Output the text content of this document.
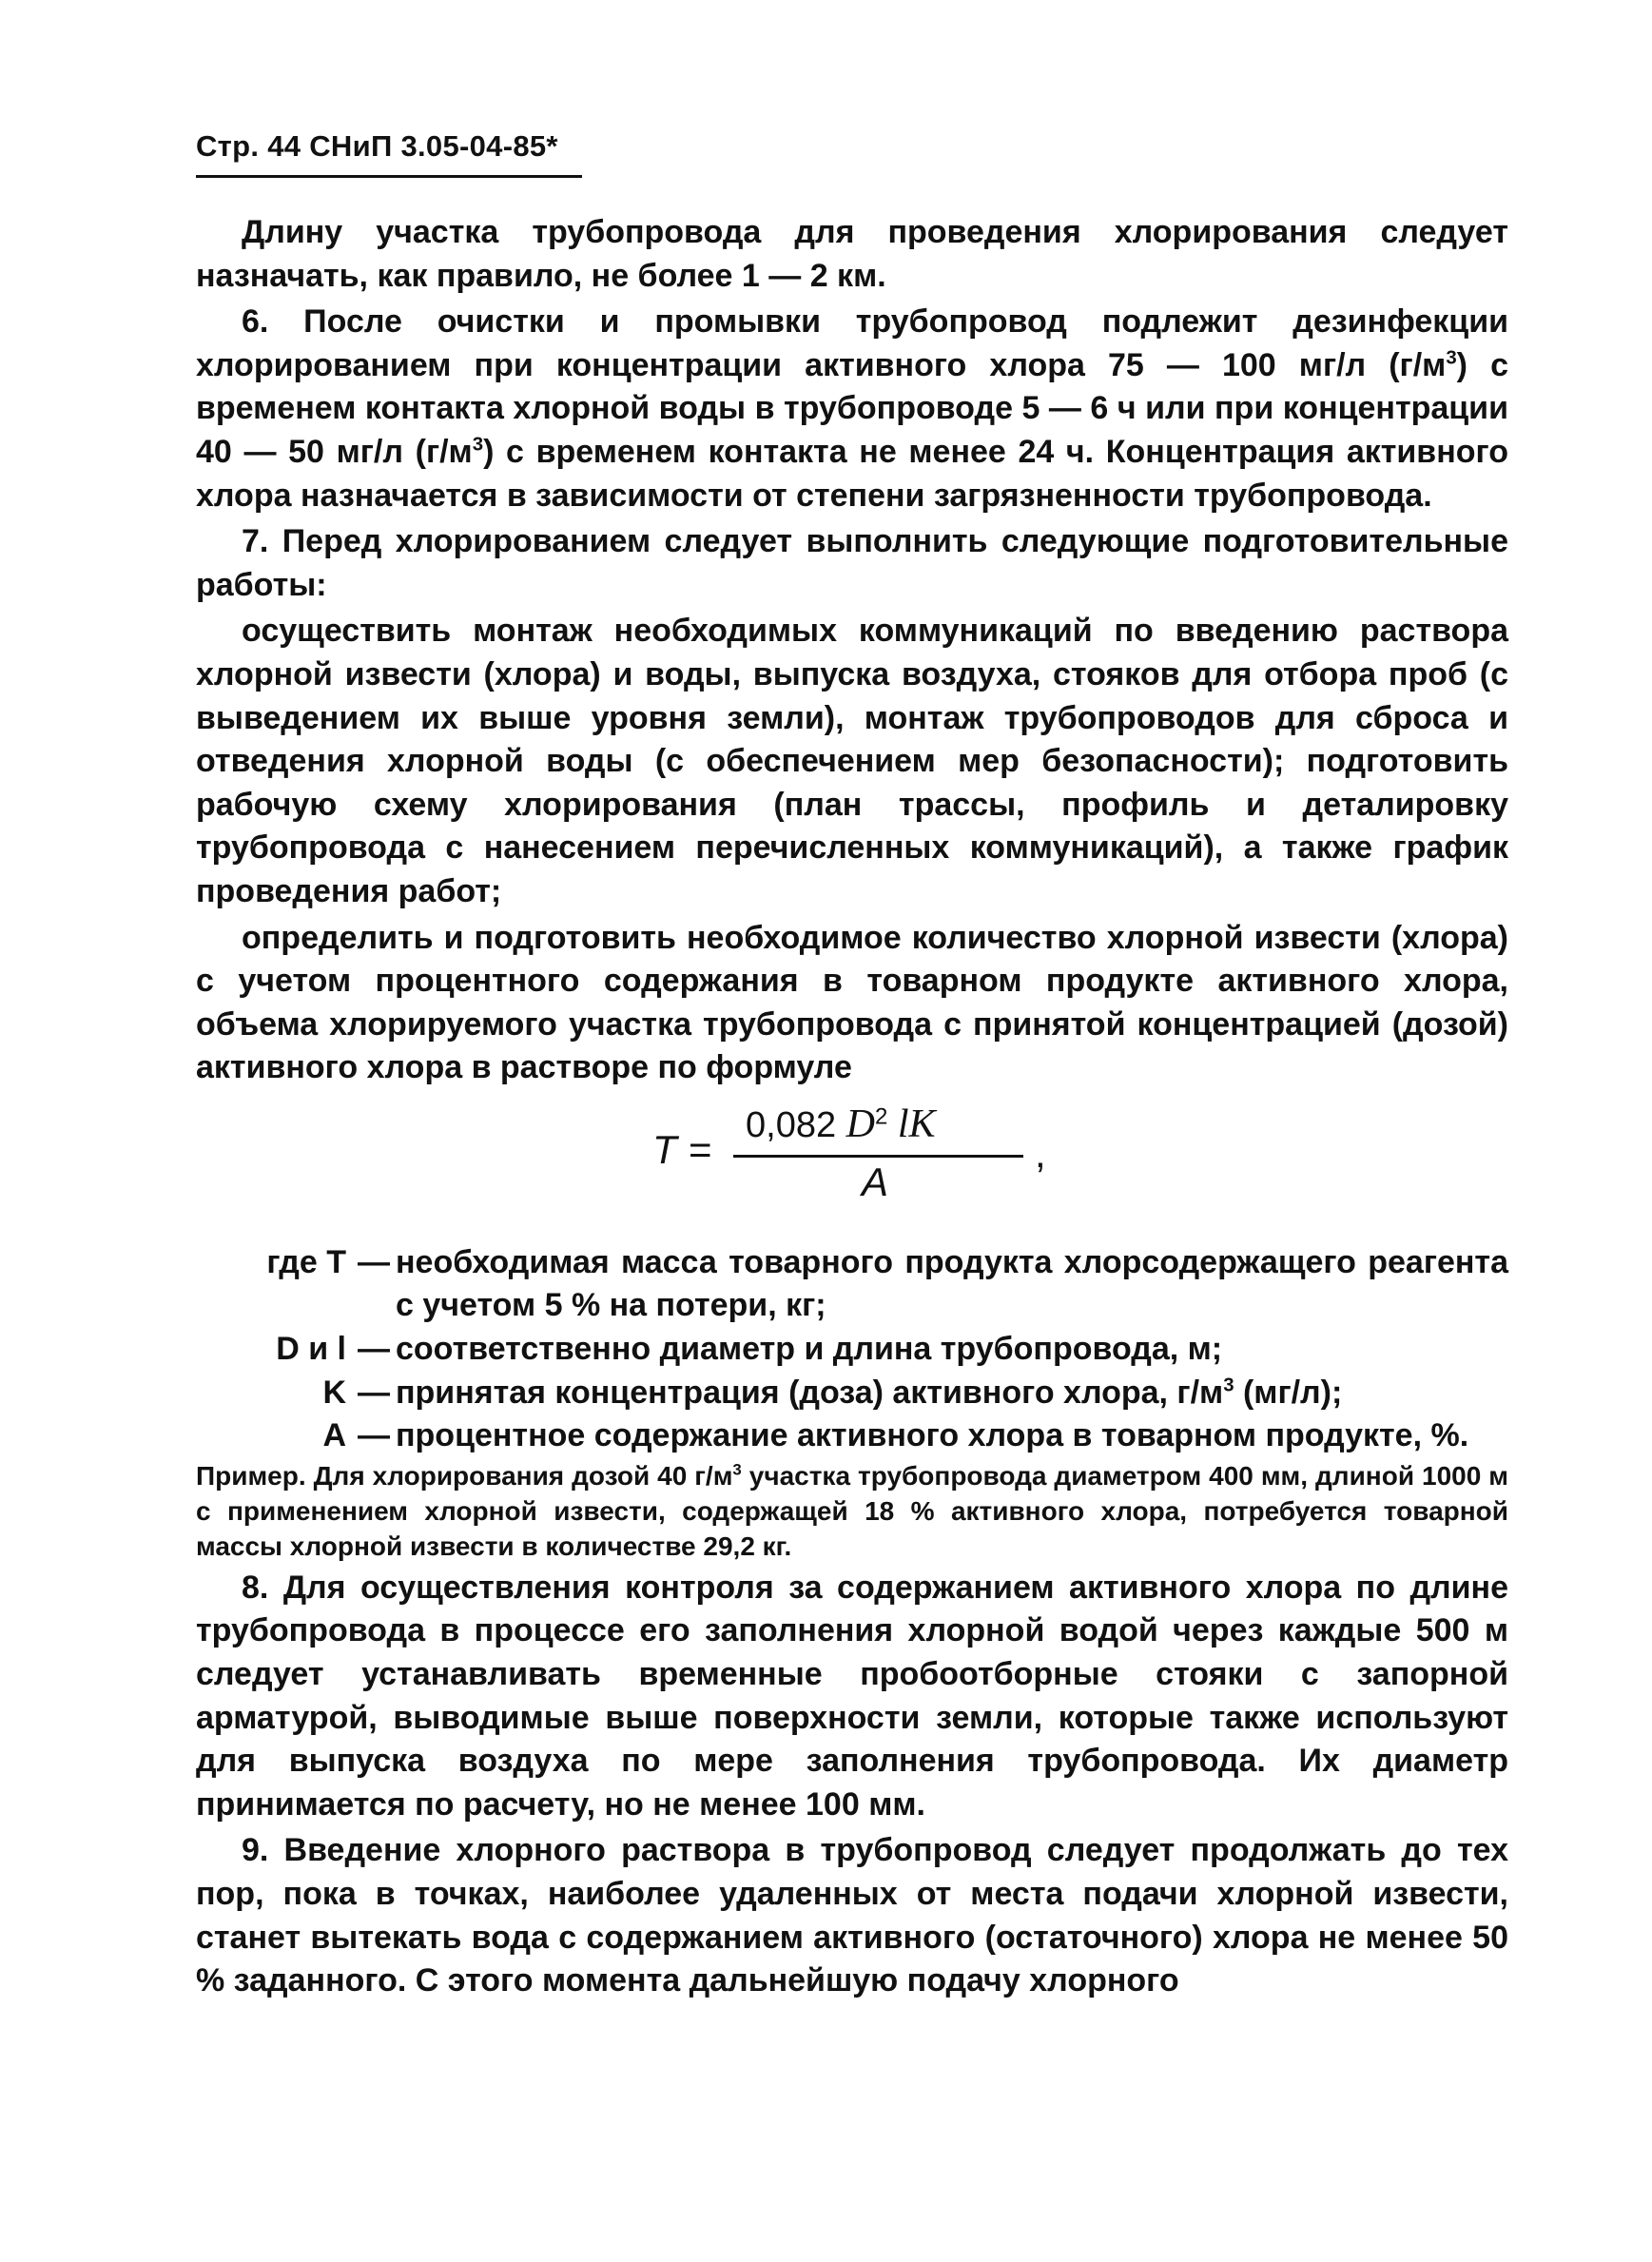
Стр. 44 СНиП 3.05-04-85*

Длину участка трубопровода для проведения хлорирования следует назначать, как правило, не более 1 — 2 км.

6. После очистки и промывки трубопровод подлежит дезинфекции хлорированием при концентрации активного хлора 75 — 100 мг/л $(г/м^3)$ с временем контакта хлорной воды в трубопроводе 5 — 6 ч или при концентрации 40 — 50 мг/л $(г/м^3)$ с временем контакта не менее 24 ч. Концентрация активного хлора назначается в зависимости от степени загрязненности трубопровода.

7. Перед хлорированием следует выполнить следующие подготовительные работы:

осуществить монтаж необходимых коммуникаций по введению раствора хлорной извести (хлора) и воды, выпуска воздуха, стояков для отбора проб (с выведением их выше уровня земли), монтаж трубопроводов для сброса и отведения хлорной воды (с обеспечением мер безопасности); подготовить рабочую схему хлорирования (план трассы, профиль и деталировку трубопровода с нанесением перечисленных коммуникаций), а также график проведения работ;

определить и подготовить необходимое количество хлорной извести (хлора) с учетом процентного содержания в товарном продукте активного хлора, объема хлорируемого участка трубопровода с принятой концентрацией (дозой) активного хлора в растворе по формуле

T =
0,082 $D^2$ lK
A
,
где T — необходимая масса товарного продукта хлорсодержащего реагента с учетом 5 % на потери, кг;
D и l — соответственно диаметр и длина трубопровода, м;
K — принятая концентрация (доза) активного хлора, $г/м^3$ (мг/л);
A — процентное содержание активного хлора в товарном продукте, %.

Пример. Для хлорирования дозой 40 $г/м^3$ участка трубопровода диаметром 400 мм, длиной 1000 м с применением хлорной извести, содержащей 18 % активного хлора, потребуется товарной массы хлорной извести в количестве 29,2 кг.

8. Для осуществления контроля за содержанием активного хлора по длине трубопровода в процессе его заполнения хлорной водой через каждые 500 м следует устанавливать временные пробоотборные стояки с запорной арматурой, выводимые выше поверхности земли, которые также используют для выпуска воздуха по мере заполнения трубопровода. Их диаметр принимается по расчету, но не менее 100 мм.

9. Введение хлорного раствора в трубопровод следует продолжать до тех пор, пока в точках, наиболее удаленных от места подачи хлорной извести, станет вытекать вода с содержанием активного (остаточного) хлора не менее 50 % заданного. С этого момента дальнейшую подачу хлорного
